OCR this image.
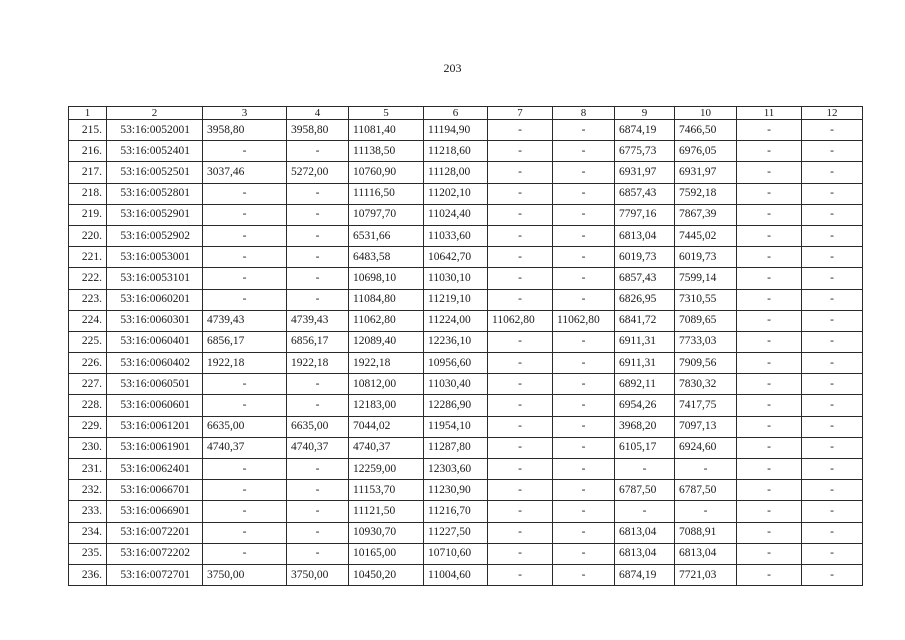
203
1	2	3	4	5	6	7	8	9	10	11	12
215.	53:16:0052001	3958,80	3958,80	11081,40	11194,90	-	-	6874,19	7466,50	-	-
216.	53:16:0052401	-	-	11138,50	11218,60	-	-	6775,73	6976,05	-	-
217.	53:16:0052501	3037,46	5272,00	10760,90	11128,00	-	-	6931,97	6931,97	-	-
218.	53:16:0052801	-	-	11116,50	11202,10	-	-	6857,43	7592,18	-	-
219.	53:16:0052901	-	-	10797,70	11024,40	-	-	7797,16	7867,39	-	-
220.	53:16:0052902	-	-	6531,66	11033,60	-	-	6813,04	7445,02	-	-
221.	53:16:0053001	-	-	6483,58	10642,70	-	-	6019,73	6019,73	-	-
222.	53:16:0053101	-	-	10698,10	11030,10	-	-	6857,43	7599,14	-	-
223.	53:16:0060201	-	-	11084,80	11219,10	-	-	6826,95	7310,55	-	-
224.	53:16:0060301	4739,43	4739,43	11062,80	11224,00	11062,80	11062,80	6841,72	7089,65	-	-
225.	53:16:0060401	6856,17	6856,17	12089,40	12236,10	-	-	6911,31	7733,03	-	-
226.	53:16:0060402	1922,18	1922,18	1922,18	10956,60	-	-	6911,31	7909,56	-	-
227.	53:16:0060501	-	-	10812,00	11030,40	-	-	6892,11	7830,32	-	-
228.	53:16:0060601	-	-	12183,00	12286,90	-	-	6954,26	7417,75	-	-
229.	53:16:0061201	6635,00	6635,00	7044,02	11954,10	-	-	3968,20	7097,13	-	-
230.	53:16:0061901	4740,37	4740,37	4740,37	11287,80	-	-	6105,17	6924,60	-	-
231.	53:16:0062401	-	-	12259,00	12303,60	-	-	-	-	-	-
232.	53:16:0066701	-	-	11153,70	11230,90	-	-	6787,50	6787,50	-	-
233.	53:16:0066901	-	-	11121,50	11216,70	-	-	-	-	-	-
234.	53:16:0072201	-	-	10930,70	11227,50	-	-	6813,04	7088,91	-	-
235.	53:16:0072202	-	-	10165,00	10710,60	-	-	6813,04	6813,04	-	-
236.	53:16:0072701	3750,00	3750,00	10450,20	11004,60	-	-	6874,19	7721,03	-	-
